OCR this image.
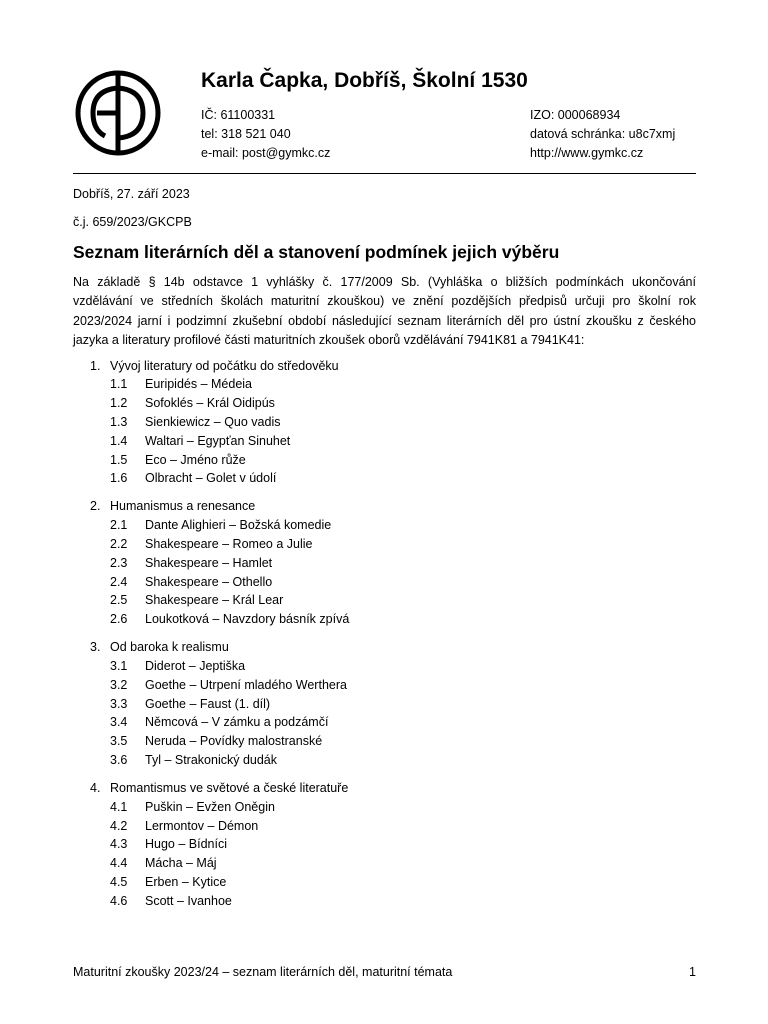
Karla Čapka, Dobříš, Školní 1530
IČ: 61100331
tel: 318 521 040
e-mail: post@gymkc.cz
IZO: 000068934
datová schránka: u8c7xmj
http://www.gymkc.cz
Dobříš, 27. září 2023
č.j. 659/2023/GKCPB
Seznam literárních děl a stanovení podmínek jejich výběru
Na základě § 14b odstavce 1 vyhlášky č. 177/2009 Sb. (Vyhláška o bližších podmínkách ukončování
vzdělávání ve středních školách maturitní zkouškou) ve znění pozdějších předpisů určuji pro školní rok
2023/2024 jarní i podzimní zkušební období následující seznam literárních děl pro ústní zkoušku z českého
jazyka a literatury profilové části maturitních zkoušek oborů vzdělávání 7941K81 a 7941K41:
1. Vývoj literatury od počátku do středověku
1.1	Euripidés – Médeia
1.2	Sofoklés – Král Oidipús
1.3	Sienkiewicz – Quo vadis
1.4	Waltari – Egypťan Sinuhet
1.5	Eco – Jméno růže
1.6	Olbracht – Golet v údolí
2. Humanismus a renesance
2.1	Dante Alighieri – Božská komedie
2.2	Shakespeare – Romeo a Julie
2.3	Shakespeare – Hamlet
2.4	Shakespeare – Othello
2.5	Shakespeare – Král Lear
2.6	Loukotková – Navzdory básník zpívá
3. Od baroka k realismu
3.1	Diderot – Jeptiška
3.2	Goethe – Utrpení mladého Werthera
3.3	Goethe – Faust (1. díl)
3.4	Němcová – V zámku a podzámčí
3.5	Neruda – Povídky malostranské
3.6	Tyl – Strakonický dudák
4. Romantismus ve světové a české literatuře
4.1	Puškin – Evžen Oněgin
4.2	Lermontov – Démon
4.3	Hugo – Bídníci
4.4	Mácha – Máj
4.5	Erben – Kytice
4.6	Scott – Ivanhoe
Maturitní zkoušky 2023/24 – seznam literárních děl, maturitní témata	1
